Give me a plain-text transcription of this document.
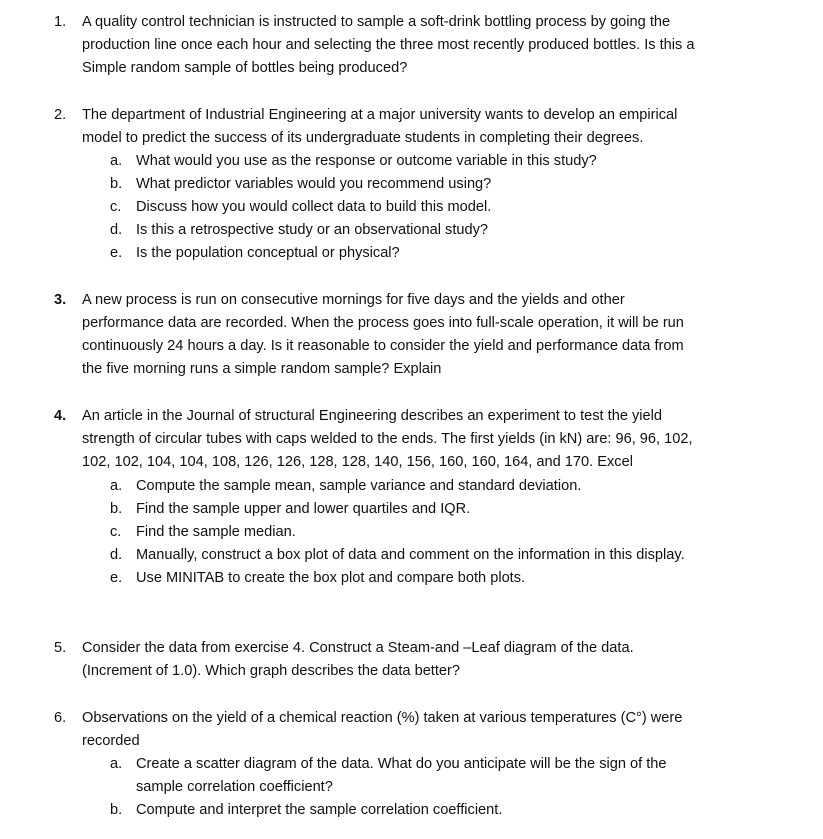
1. A quality control technician is instructed to sample a soft-drink bottling process by going the
production line once each hour and selecting the three most recently produced bottles. Is this a
Simple random sample of bottles being produced?
2. The department of Industrial Engineering at a major university wants to develop an empirical
model to predict the success of its undergraduate students in completing their degrees.
a. What would you use as the response or outcome variable in this study?
b. What predictor variables would you recommend using?
c. Discuss how you would collect data to build this model.
d. Is this a retrospective study or an observational study?
e. Is the population conceptual or physical?
3. A new process is run on consecutive mornings for five days and the yields and other
performance data are recorded. When the process goes into full-scale operation, it will be run
continuously 24 hours a day. Is it reasonable to consider the yield and performance data from
the five morning runs a simple random sample? Explain
4. An article in the Journal of structural Engineering describes an experiment to test the yield
strength of circular tubes with caps welded to the ends. The first yields (in kN) are: 96, 96, 102,
102, 102, 104, 104, 108, 126, 126, 128, 128, 140, 156, 160, 160, 164, and 170. Excel
a. Compute the sample mean, sample variance and standard deviation.
b. Find the sample upper and lower quartiles and IQR.
c. Find the sample median.
d. Manually, construct a box plot of data and comment on the information in this display.
e. Use MINITAB to create the box plot and compare both plots.
5. Consider the data from exercise 4. Construct a Steam-and –Leaf diagram of the data.
(Increment of 1.0). Which graph describes the data better?
6. Observations on the yield of a chemical reaction (%) taken at various temperatures (C°) were
recorded
a. Create a scatter diagram of the data. What do you anticipate will be the sign of the
sample correlation coefficient?
b. Compute and interpret the sample correlation coefficient.
